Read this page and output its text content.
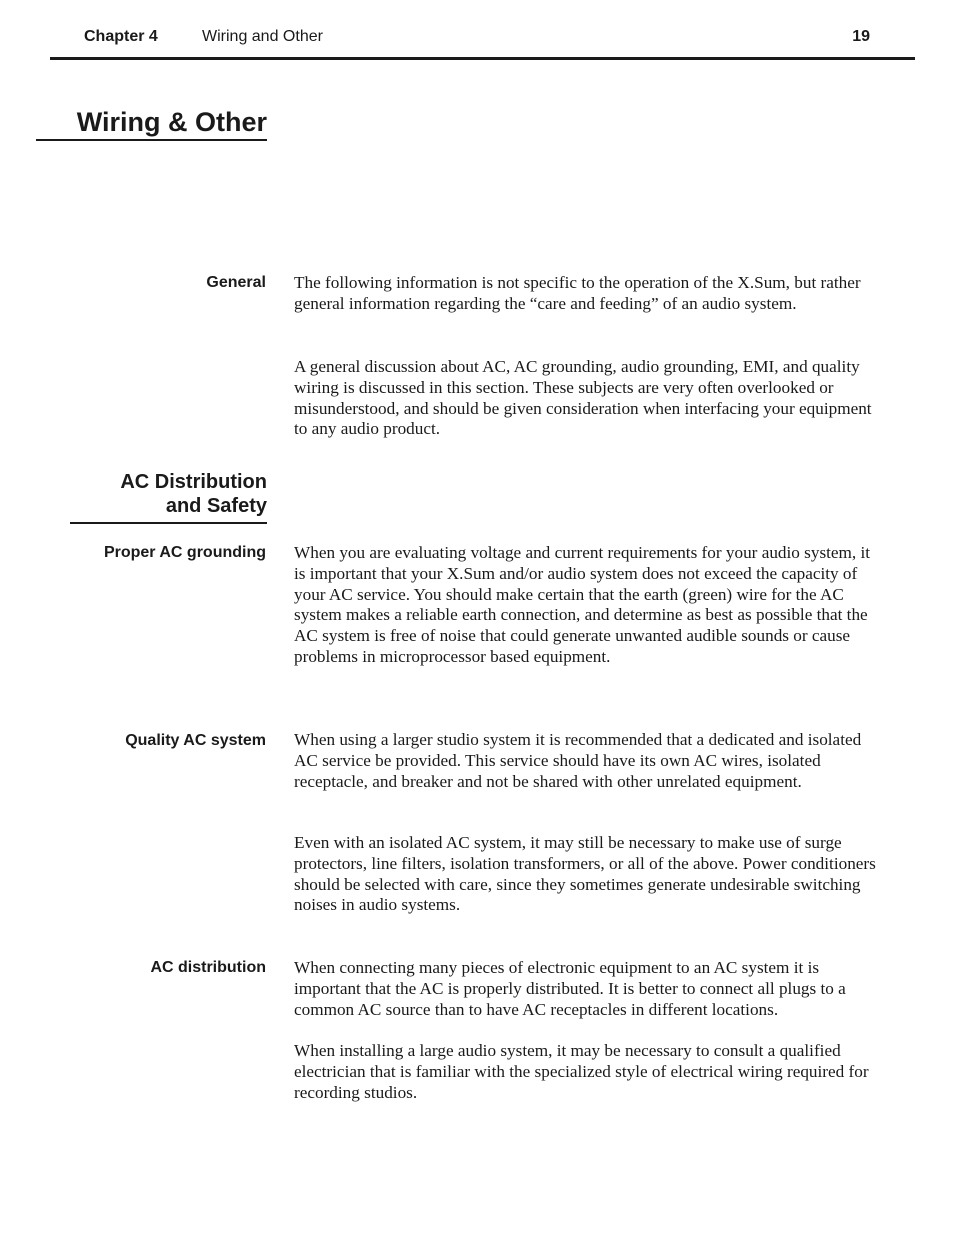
Chapter 4	Wiring and Other	19
Wiring & Other
General The following information is not specific to the operation of the X.Sum, but rather general information regarding the “care and feeding” of an audio system.

A general discussion about AC, AC grounding, audio grounding, EMI, and quality wiring is discussed in this section. These subjects are very often overlooked or misunderstood, and should be given consideration when interfacing your equipment to any audio product.

AC Distribution
and Safety
Proper AC grounding When you are evaluating voltage and current requirements for your audio system, it is important that your X.Sum and/or audio system does not exceed the capacity of your AC service. You should make certain that the earth (green) wire for the AC system makes a reliable earth connection, and determine as best as possible that the AC system is free of noise that could generate unwanted audible sounds or cause problems in microprocessor based equipment.

Quality AC system When using a larger studio system it is recommended that a dedicated and isolated AC service be provided. This service should have its own AC wires, isolated receptacle, and breaker and not be shared with other unrelated equipment.

Even with an isolated AC system, it may still be necessary to make use of surge protectors, line filters, isolation transformers, or all of the above. Power conditioners should be selected with care, since they sometimes generate undesirable switching noises in audio systems.

AC distribution When connecting many pieces of electronic equipment to an AC system it is important that the AC is properly distributed. It is better to connect all plugs to a common AC source than to have AC receptacles in different locations.

When installing a large audio system, it may be necessary to consult a qualified electrician that is familiar with the specialized style of electrical wiring required for recording studios.
